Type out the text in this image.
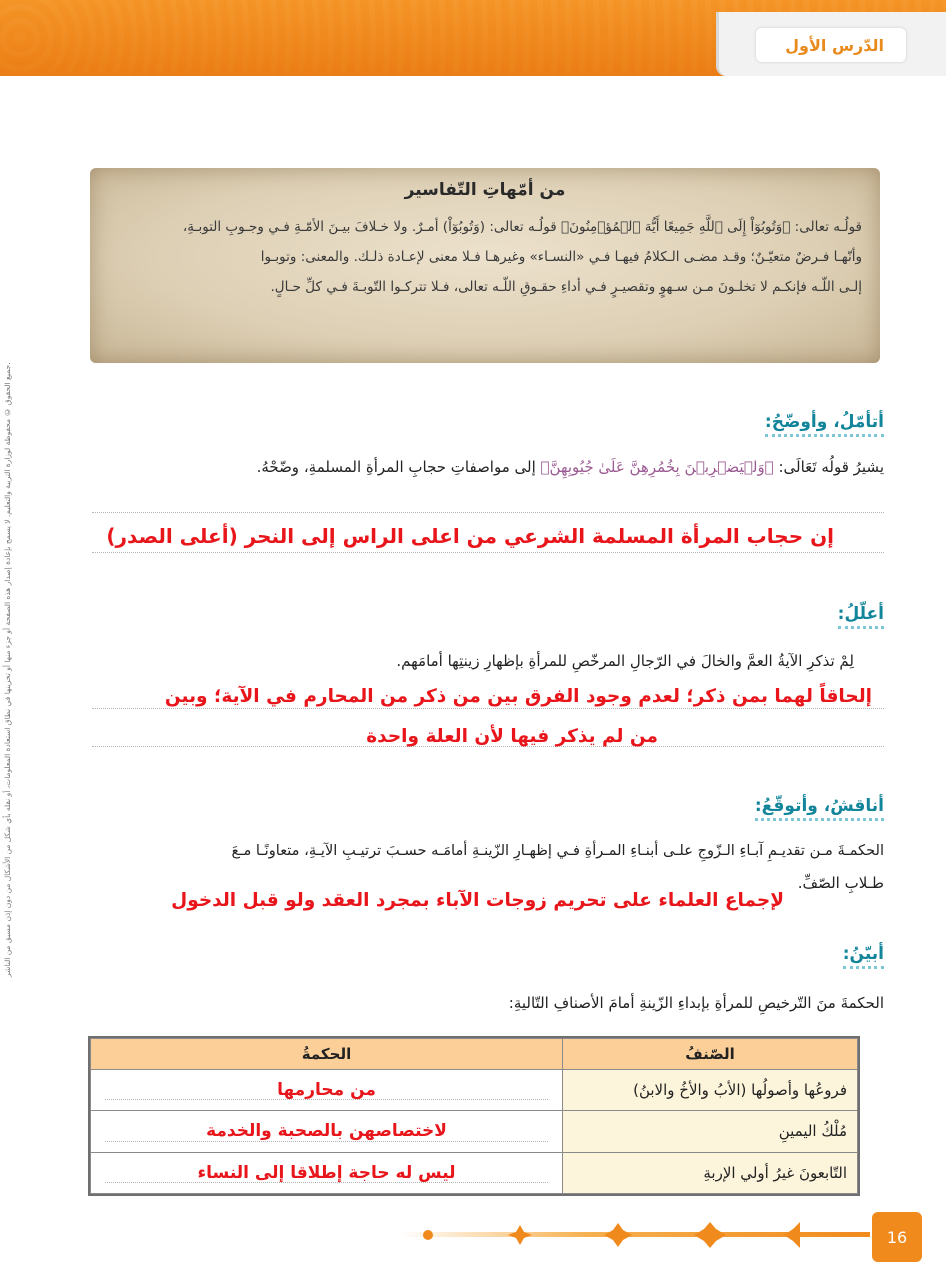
الدّرس الأول
جميع الحقوق © محفوظة لوزارة التربية والتعليم. لا يسمح بإعادة إصدار هذه الصفحة أو جزء منها أو تخزينها في نطاق استعادة المعلومات، أو نقله بأي شكل من الأشكال من دون إذن مسبق من الناشر.
من أمّهاتِ التّفاسير
قولُـه تعالى: ﴿وَتُوبُوٓاْ إِلَى ٱللَّهِ جَمِيعًا أَيُّهَ ٱلۡمُؤۡمِنُونَ﴾ قولُـه تعالى: (وَتُوبُوٓاْ) أمـرٌ. ولا خـلافَ بيـنَ الأمّـةِ فـي وجـوبِ التوبـةِ،
وأنّهـا فـرضٌ متعيّـنٌ؛ وقـد مضـى الـكلامُ فيهـا فـي «النسـاء» وغيرهـا فـلا معنى لإعـادة ذلـك. والمعنى: وتوبـوا
إلـى اللّـه فإنكـم لا تخلـونَ مـن سـهوٍ وتقصيـرٍ فـي أداءِ حقـوقِ اللّـه تعالى، فـلا تتركـوا التّوبـةَ فـي كلِّ حـالٍ.
أتأمّلُ، وأوضّحُ:
يشيرُ قولُه تَعَالَى: ﴿وَلۡيَضۡرِبۡنَ بِخُمُرِهِنَّ عَلَىٰ جُيُوبِهِنَّ﴾ إلى مواصفاتِ حجابِ المرأةِ المسلمةِ، وضّحْهُ.
إن حجاب المرأة المسلمة الشرعي من اعلى الراس إلى النحر (أعلى الصدر)
أعلّلُ:
لِمْ تذكرِ الآيةُ العمَّ والخالَ في الرّجالِ المرخّصِ للمرأةِ بإظهارِ زينتِها أمامَهم.
إلحاقاً لهما بمن ذكر؛ لعدم وجود الفرق بين من ذكر من المحارم في الآية؛ وبين
من لم يذكر فيها لأن العلة واحدة
أناقشُ، وأتوقّعُ:
الحكمـةَ مـن تقديـمِ آبـاءِ الـزّوجِ علـى أبنـاءِ المـرأةِ فـي إظهـارِ الزّينـةِ أمامَـه حسـبَ ترتيـبِ الآيـةِ، متعاونًـا مـعَ
طـلابِ الصّفِّ.
لإجماع العلماء على تحريم زوجات الآباء بمجرد العقد ولو قبل الدخول
أبيّنُ:
الحكمةَ منَ التّرخيصِ للمرأةِ بإبداءِ الزّينةِ أمامَ الأصنافِ التّاليةِ:
الصّنفُ	الحكمةُ
فروعُها وأصولُها (الأبُ والأخُ والابنُ)	من محارمها

مُلْكُ اليمينِ	لاختصاصهن بالصحبة والخدمة

التّابعونَ غيرُ أولي الإربةِ	ليس له حاجة إطلاقا إلى النساء
16
